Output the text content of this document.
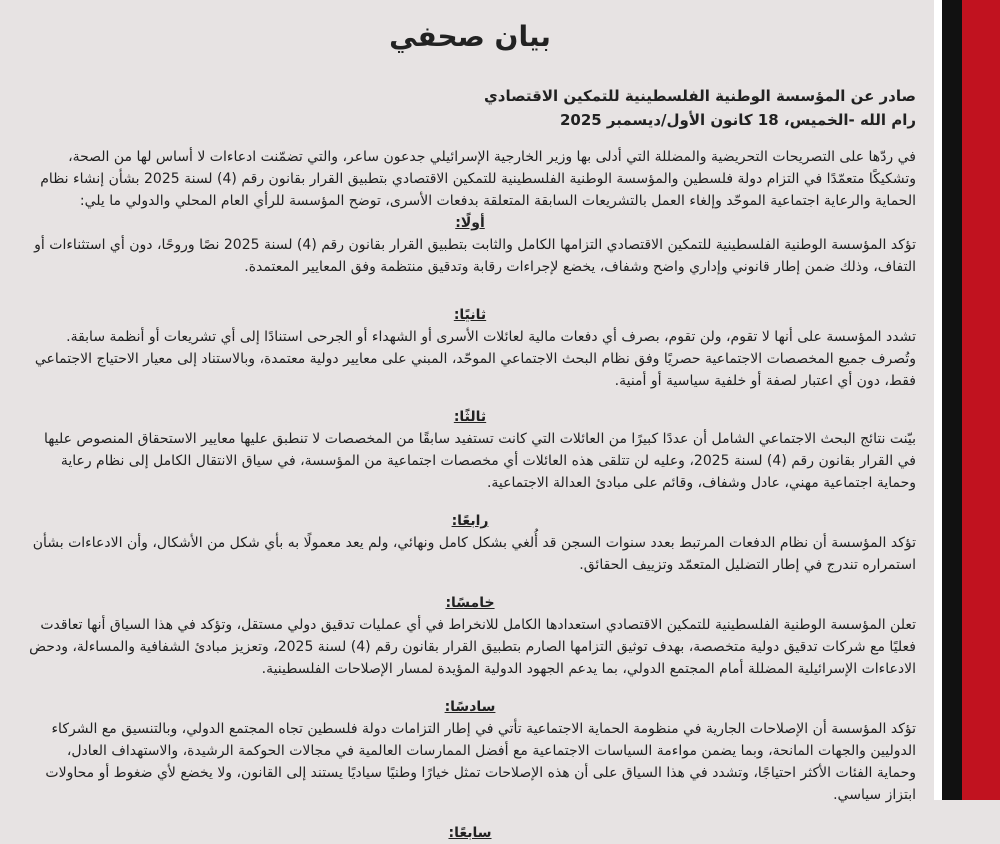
بيان صحفي
صادر عن المؤسسة الوطنية الفلسطينية للتمكين الاقتصادي
رام الله -الخميس، 18 كانون الأول/ديسمبر 2025
في ردّها على التصريحات التحريضية والمضللة التي أدلى بها وزير الخارجية الإسرائيلي جدعون ساعر، والتي تضمّنت ادعاءات لا أساس لها من الصحة، وتشكيكًا متعمّدًا في التزام دولة فلسطين والمؤسسة الوطنية الفلسطينية للتمكين الاقتصادي بتطبيق القرار بقانون رقم (4) لسنة 2025 بشأن إنشاء نظام الحماية والرعاية اجتماعية الموحّد وإلغاء العمل بالتشريعات السابقة المتعلقة بدفعات الأسرى، توضح المؤسسة للرأي العام المحلي والدولي ما يلي:
أولًا:
تؤكد المؤسسة الوطنية الفلسطينية للتمكين الاقتصادي التزامها الكامل والثابت بتطبيق القرار بقانون رقم (4) لسنة 2025 نصًا وروحًا، دون أي استثناءات أو التفاف، وذلك ضمن إطار قانوني وإداري واضح وشفاف، يخضع لإجراءات رقابة وتدقيق منتظمة وفق المعايير المعتمدة.
ثانيًا:
تشدد المؤسسة على أنها لا تقوم، ولن تقوم، بصرف أي دفعات مالية لعائلات الأسرى أو الشهداء أو الجرحى استنادًا إلى أي تشريعات أو أنظمة سابقة. وتُصرف جميع المخصصات الاجتماعية حصريًا وفق نظام البحث الاجتماعي الموحّد، المبني على معايير دولية معتمدة، وبالاستناد إلى معيار الاحتياج الاجتماعي فقط، دون أي اعتبار لصفة أو خلفية سياسية أو أمنية.
ثالثًا:
بيّنت نتائج البحث الاجتماعي الشامل أن عددًا كبيرًا من العائلات التي كانت تستفيد سابقًا من المخصصات لا تنطبق عليها معايير الاستحقاق المنصوص عليها في القرار بقانون رقم (4) لسنة 2025، وعليه لن تتلقى هذه العائلات أي مخصصات اجتماعية من المؤسسة، في سياق الانتقال الكامل إلى نظام رعاية وحماية اجتماعية مهني، عادل وشفاف، وقائم على مبادئ العدالة الاجتماعية.
رابعًا:
تؤكد المؤسسة أن نظام الدفعات المرتبط بعدد سنوات السجن قد أُلغي بشكل كامل ونهائي، ولم يعد معمولًا به بأي شكل من الأشكال، وأن الادعاءات بشأن استمراره تندرج في إطار التضليل المتعمّد وتزييف الحقائق.
خامسًا:
تعلن المؤسسة الوطنية الفلسطينية للتمكين الاقتصادي استعدادها الكامل للانخراط في أي عمليات تدقيق دولي مستقل، وتؤكد في هذا السياق أنها تعاقدت فعليًا مع شركات تدقيق دولية متخصصة، بهدف توثيق التزامها الصارم بتطبيق القرار بقانون رقم (4) لسنة 2025، وتعزيز مبادئ الشفافية والمساءلة، ودحض الادعاءات الإسرائيلية المضللة أمام المجتمع الدولي، بما يدعم الجهود الدولية المؤيدة لمسار الإصلاحات الفلسطينية.
سادسًا:
تؤكد المؤسسة أن الإصلاحات الجارية في منظومة الحماية الاجتماعية تأتي في إطار التزامات دولة فلسطين تجاه المجتمع الدولي، وبالتنسيق مع الشركاء الدوليين والجهات المانحة، وبما يضمن مواءمة السياسات الاجتماعية مع أفضل الممارسات العالمية في مجالات الحوكمة الرشيدة، والاستهداف العادل، وحماية الفئات الأكثر احتياجًا، وتشدد في هذا السياق على أن هذه الإصلاحات تمثل خيارًا وطنيًا سياديًا يستند إلى القانون، ولا يخضع لأي ضغوط أو محاولات ابتزاز سياسي.
سابعًا:
